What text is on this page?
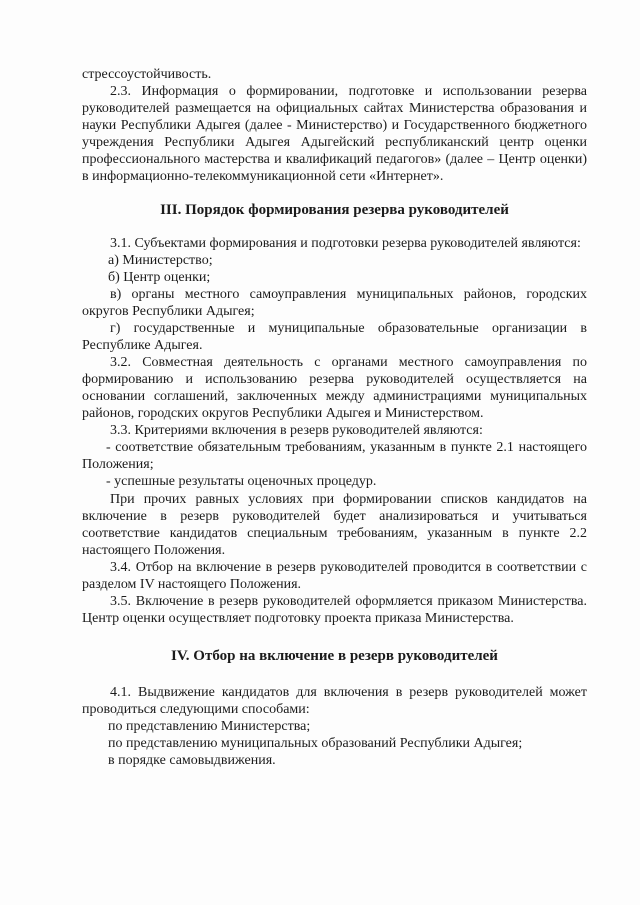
стрессоустойчивость.

2.3. Информация о формировании, подготовке и использовании резерва руководителей размещается на официальных сайтах Министерства образования и науки Республики Адыгея (далее - Министерство) и Государственного бюджетного учреждения Республики Адыгея Адыгейский республиканский центр оценки профессионального мастерства и квалификаций педагогов» (далее – Центр оценки) в информационно-телекоммуникационной сети «Интернет».

III. Порядок формирования резерва руководителей

3.1. Субъектами формирования и подготовки резерва руководителей являются:

а) Министерство;

б) Центр оценки;

в) органы местного самоуправления муниципальных районов, городских округов Республики Адыгея;

г) государственные и муниципальные образовательные организации в Республике Адыгея.

3.2. Совместная деятельность с органами местного самоуправления по формированию и использованию резерва руководителей осуществляется на основании соглашений, заключенных между администрациями муниципальных районов, городских округов Республики Адыгея и Министерством.

3.3. Критериями включения в резерв руководителей являются:

- соответствие обязательным требованиям, указанным в пункте 2.1 настоящего Положения;

- успешные результаты оценочных процедур.

При прочих равных условиях при формировании списков кандидатов на включение в резерв руководителей будет анализироваться и учитываться соответствие кандидатов специальным требованиям, указанным в пункте 2.2 настоящего Положения.

3.4. Отбор на включение в резерв руководителей проводится в соответствии с разделом IV настоящего Положения.

3.5. Включение в резерв руководителей оформляется приказом Министерства. Центр оценки осуществляет подготовку проекта приказа Министерства.

IV. Отбор на включение в резерв руководителей

4.1. Выдвижение кандидатов для включения в резерв руководителей может проводиться следующими способами:

по представлению Министерства;

по представлению муниципальных образований Республики Адыгея;

в порядке самовыдвижения.
